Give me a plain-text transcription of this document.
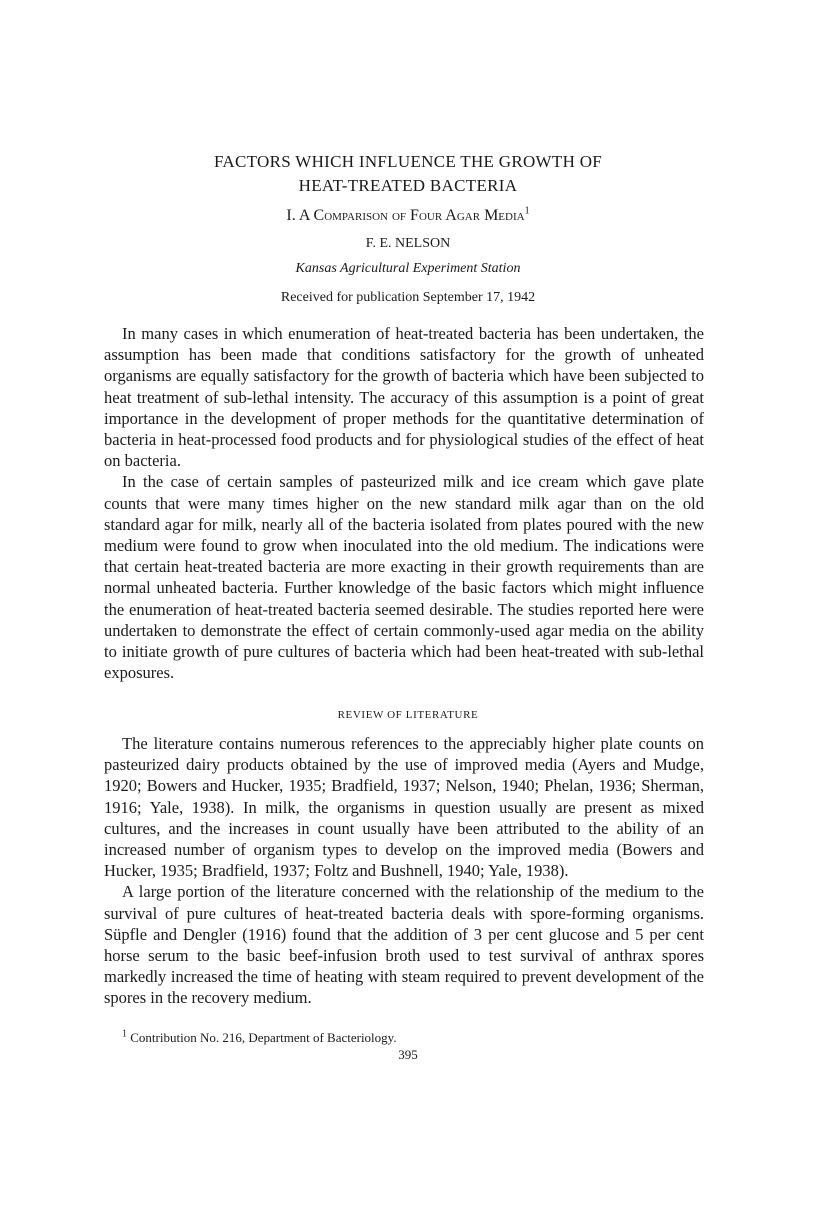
FACTORS WHICH INFLUENCE THE GROWTH OF
HEAT-TREATED BACTERIA
I. A Comparison of Four Agar Media$^1$
F. E. NELSON
Kansas Agricultural Experiment Station
Received for publication September 17, 1942

In many cases in which enumeration of heat-treated bacteria has been undertaken, the assumption has been made that conditions satisfactory for the growth of unheated organisms are equally satisfactory for the growth of bacteria which have been subjected to heat treatment of sub-lethal intensity. The accuracy of this assumption is a point of great importance in the development of proper methods for the quantitative determination of bacteria in heat-processed food products and for physiological studies of the effect of heat on bacteria.

In the case of certain samples of pasteurized milk and ice cream which gave plate counts that were many times higher on the new standard milk agar than on the old standard agar for milk, nearly all of the bacteria isolated from plates poured with the new medium were found to grow when inoculated into the old medium. The indications were that certain heat-treated bacteria are more exacting in their growth requirements than are normal unheated bacteria. Further knowledge of the basic factors which might influence the enumeration of heat-treated bacteria seemed desirable. The studies reported here were undertaken to demonstrate the effect of certain commonly-used agar media on the ability to initiate growth of pure cultures of bacteria which had been heat-treated with sub-lethal exposures.

REVIEW OF LITERATURE

The literature contains numerous references to the appreciably higher plate counts on pasteurized dairy products obtained by the use of improved media (Ayers and Mudge, 1920; Bowers and Hucker, 1935; Bradfield, 1937; Nelson, 1940; Phelan, 1936; Sherman, 1916; Yale, 1938). In milk, the organisms in question usually are present as mixed cultures, and the increases in count usually have been attributed to the ability of an increased number of organism types to develop on the improved media (Bowers and Hucker, 1935; Bradfield, 1937; Foltz and Bushnell, 1940; Yale, 1938).

A large portion of the literature concerned with the relationship of the medium to the survival of pure cultures of heat-treated bacteria deals with spore-forming organisms. Süpfle and Dengler (1916) found that the addition of 3 per cent glucose and 5 per cent horse serum to the basic beef-infusion broth used to test survival of anthrax spores markedly increased the time of heating with steam required to prevent development of the spores in the recovery medium.

$^1$ Contribution No. 216, Department of Bacteriology.
395
